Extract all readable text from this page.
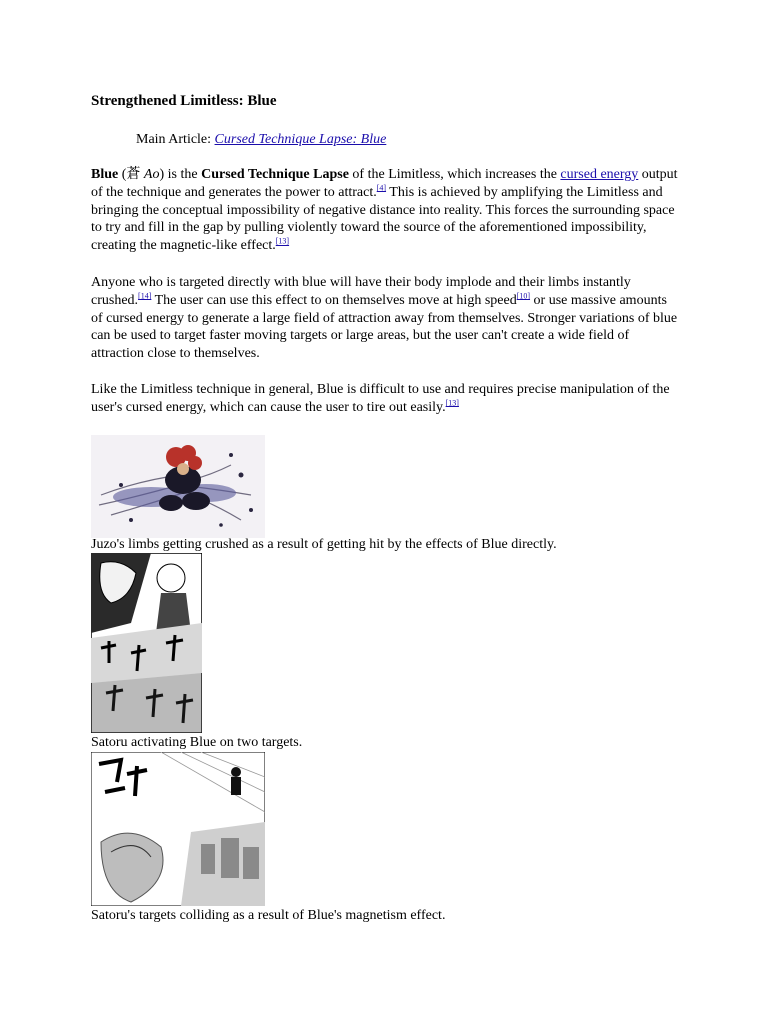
Strengthened Limitless: Blue
Main Article: Cursed Technique Lapse: Blue

Blue (蒼 Ao) is the Cursed Technique Lapse of the Limitless, which increases the cursed energy output of the technique and generates the power to attract.[4] This is achieved by amplifying the Limitless and bringing the conceptual impossibility of negative distance into reality. This forces the surrounding space to try and fill in the gap by pulling violently toward the source of the aforementioned impossibility, creating the magnetic-like effect.[13]

Anyone who is targeted directly with blue will have their body implode and their limbs instantly crushed.[14] The user can use this effect to on themselves move at high speed[10] or use massive amounts of cursed energy to generate a large field of attraction away from themselves. Stronger variations of blue can be used to target faster moving targets or large areas, but the user can't create a wide field of attraction close to themselves.

Like the Limitless technique in general, Blue is difficult to use and requires precise manipulation of the user's cursed energy, which can cause the user to tire out easily.[13]

Juzo's limbs getting crushed as a result of getting hit by the effects of Blue directly.

Satoru activating Blue on two targets.

Satoru's targets colliding as a result of Blue's magnetism effect.
